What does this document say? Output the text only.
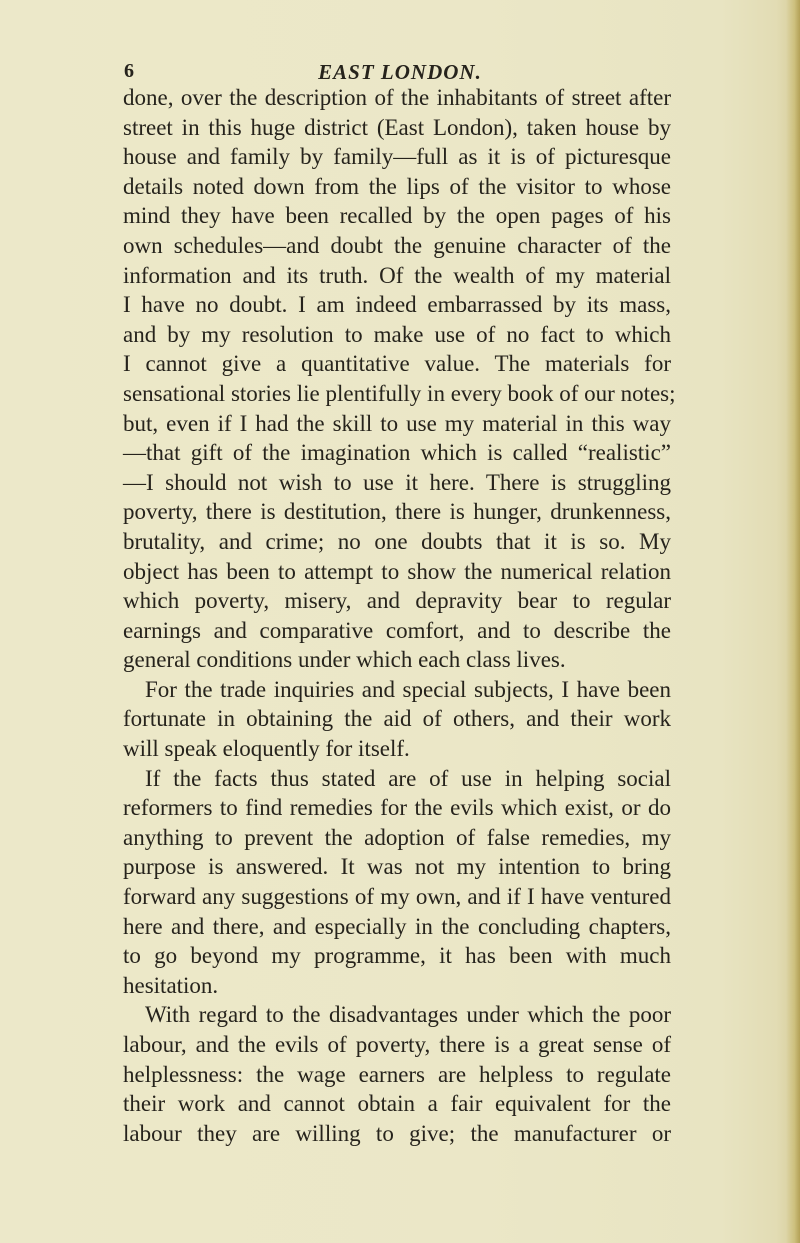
6	EAST LONDON.
done, over the description of the inhabitants of street after
street in this huge district (East London), taken house by
house and family by family—full as it is of picturesque
details noted down from the lips of the visitor to whose
mind they have been recalled by the open pages of his
own schedules—and doubt the genuine character of the
information and its truth. Of the wealth of my material
I have no doubt. I am indeed embarrassed by its mass,
and by my resolution to make use of no fact to which
I cannot give a quantitative value. The materials for
sensational stories lie plentifully in every book of our notes;
but, even if I had the skill to use my material in this way
—that gift of the imagination which is called “realistic”
—I should not wish to use it here. There is struggling
poverty, there is destitution, there is hunger, drunkenness,
brutality, and crime; no one doubts that it is so. My
object has been to attempt to show the numerical relation
which poverty, misery, and depravity bear to regular
earnings and comparative comfort, and to describe the
general conditions under which each class lives.
For the trade inquiries and special subjects, I have been
fortunate in obtaining the aid of others, and their work
will speak eloquently for itself.
If the facts thus stated are of use in helping social
reformers to find remedies for the evils which exist, or do
anything to prevent the adoption of false remedies, my
purpose is answered. It was not my intention to bring
forward any suggestions of my own, and if I have ventured
here and there, and especially in the concluding chapters,
to go beyond my programme, it has been with much
hesitation.
With regard to the disadvantages under which the poor
labour, and the evils of poverty, there is a great sense of
helplessness: the wage earners are helpless to regulate
their work and cannot obtain a fair equivalent for the
labour they are willing to give; the manufacturer or
